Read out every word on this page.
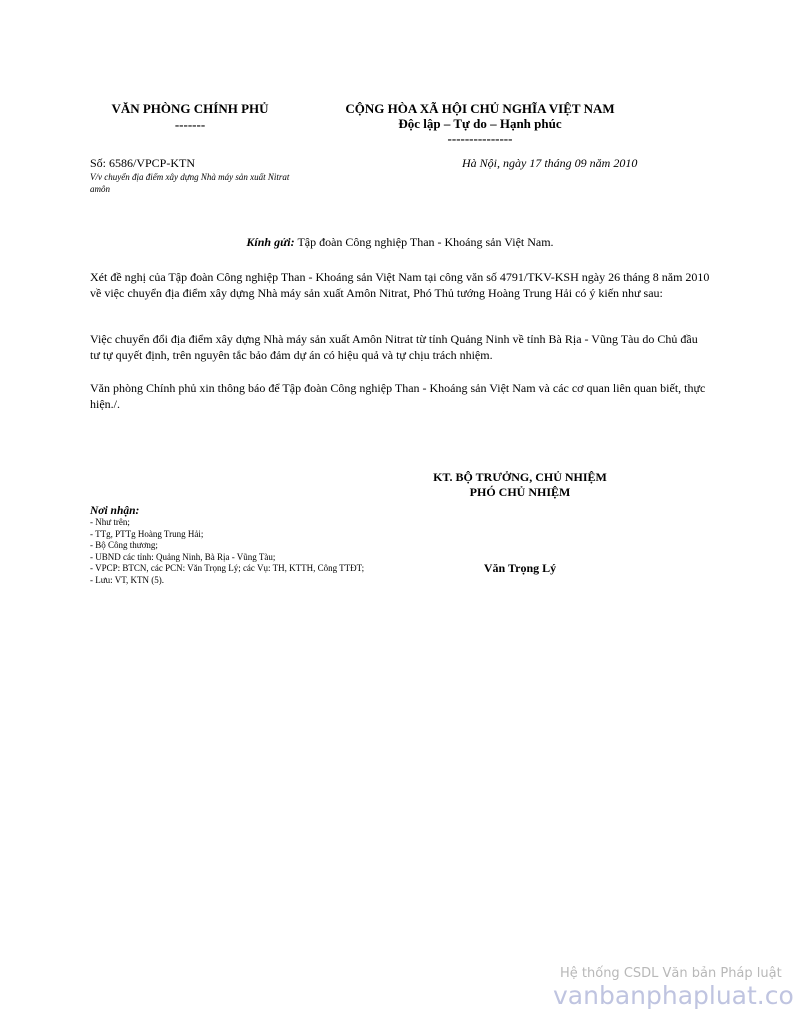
VĂN PHÒNG CHÍNH PHỦ
-------
CỘNG HÒA XÃ HỘI CHỦ NGHĨA VIỆT NAM
Độc lập – Tự do – Hạnh phúc
---------------
Số: 6586/VPCP-KTN
V/v chuyển địa điểm xây dựng Nhà máy sản xuất Nitrat amôn
Hà Nội, ngày 17 tháng 09 năm 2010
Kính gửi: Tập đoàn Công nghiệp Than - Khoáng sản Việt Nam.
Xét đề nghị của Tập đoàn Công nghiệp Than - Khoáng sản Việt Nam tại công văn số 4791/TKV-KSH ngày 26 tháng 8 năm 2010 về việc chuyển địa điểm xây dựng Nhà máy sản xuất Amôn Nitrat, Phó Thủ tướng Hoàng Trung Hải có ý kiến như sau:
Việc chuyển đổi địa điểm xây dựng Nhà máy sản xuất Amôn Nitrat từ tỉnh Quảng Ninh về tỉnh Bà Rịa - Vũng Tàu do Chủ đầu tư tự quyết định, trên nguyên tắc bảo đảm dự án có hiệu quả và tự chịu trách nhiệm.
Văn phòng Chính phủ xin thông báo để Tập đoàn Công nghiệp Than - Khoáng sản Việt Nam và các cơ quan liên quan biết, thực hiện./.
KT. BỘ TRƯỞNG, CHỦ NHIỆM
PHÓ CHỦ NHIỆM
Văn Trọng Lý
Nơi nhận:
- Như trên;
- TTg, PTTg Hoàng Trung Hải;
- Bộ Công thương;
- UBND các tỉnh: Quảng Ninh, Bà Rịa - Vũng Tàu;
- VPCP: BTCN, các PCN: Văn Trọng Lý; các Vụ: TH, KTTH, Công TTĐT;
- Lưu: VT, KTN (5).
Hệ thống CSDL Văn bản Pháp luật
vanbanphapluat.co
